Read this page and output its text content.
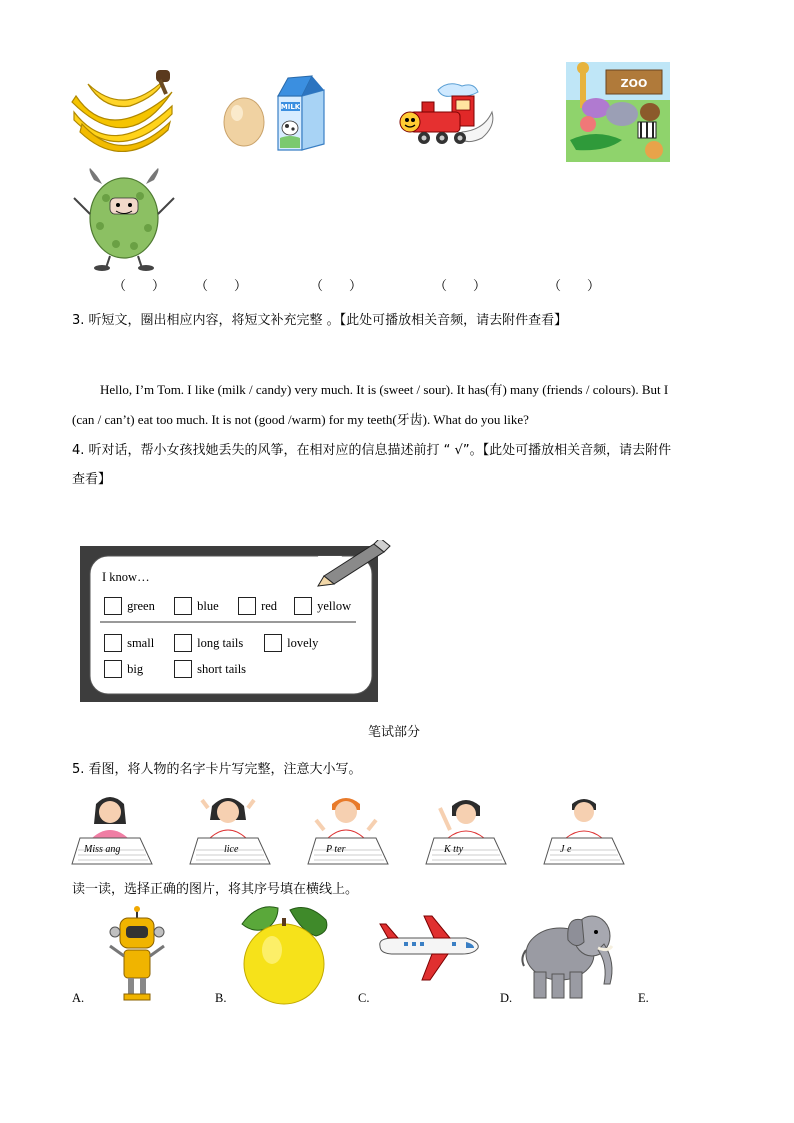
MILK
ZOO
（　　） （　　）	（　　）	（　　）	（　　）
3. 听短文，圈出相应内容，将短文补充完整 。【此处可播放相关音频，请去附件查看】
Hello, I’m Tom. I like (milk / candy) very much. It is (sweet / sour). It has(有) many (friends / colours). But I
(can / can’t) eat too much. It is not (good /warm) for my teeth(牙齿). What do you like?
4. 听对话，帮小女孩找她丢失的风筝，在相对应的信息描述前打 “ √”。【此处可播放相关音频，请去附件
查看】
I know…
green	blue	red	yellow
small	long tails	lovely
big	short tails
笔试部分
5. 看图，将人物的名字卡片写完整，注意大小写。
Miss ang	lice	P ter	K tty	J e
读一读，选择正确的图片，将其序号填在横线上。
A.	B.	C.	D.	E.
